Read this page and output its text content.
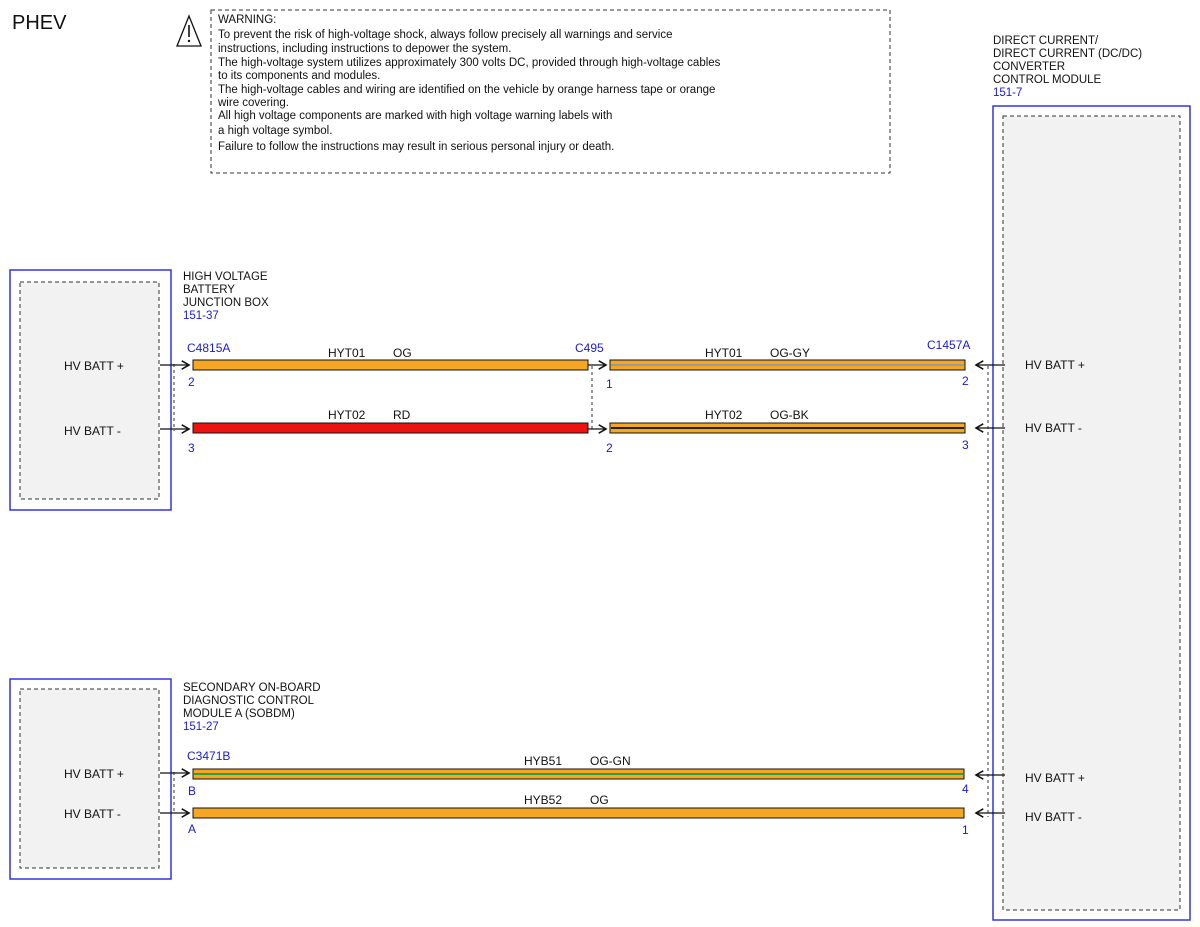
PHEV	WARNING:
To prevent the risk of high-voltage shock, always follow precisely all warnings and service
instructions, including instructions to depower the system.
The high-voltage system utilizes approximately 300 volts DC, provided through high-voltage cables
to its components and modules.
The high-voltage cables and wiring are identified on the vehicle by orange harness tape or orange
wire covering.
All high voltage components are marked with high voltage warning labels with
a high voltage symbol.
Failure to follow the instructions may result in serious personal injury or death.
DIRECT CURRENT/
DIRECT CURRENT (DC/DC)
CONVERTER
CONTROL MODULE
151-7
HV BATT +
HV BATT -
HV BATT +
HV BATT -
HIGH VOLTAGE
BATTERY
JUNCTION BOX
151-37
HV BATT +
HV BATT -
SECONDARY ON-BOARD
DIAGNOSTIC CONTROL
MODULE A (SOBDM)
151-27
HV BATT +
HV BATT -
HYT01 OG
HYT02 RD
HYT01 OG-GY
HYT02 OG-BK
HYB51 OG-GN
HYB52 OG
C4815A	C495	C1457A
C3471B
2
3
1
2
2
3
B
A
4
1
